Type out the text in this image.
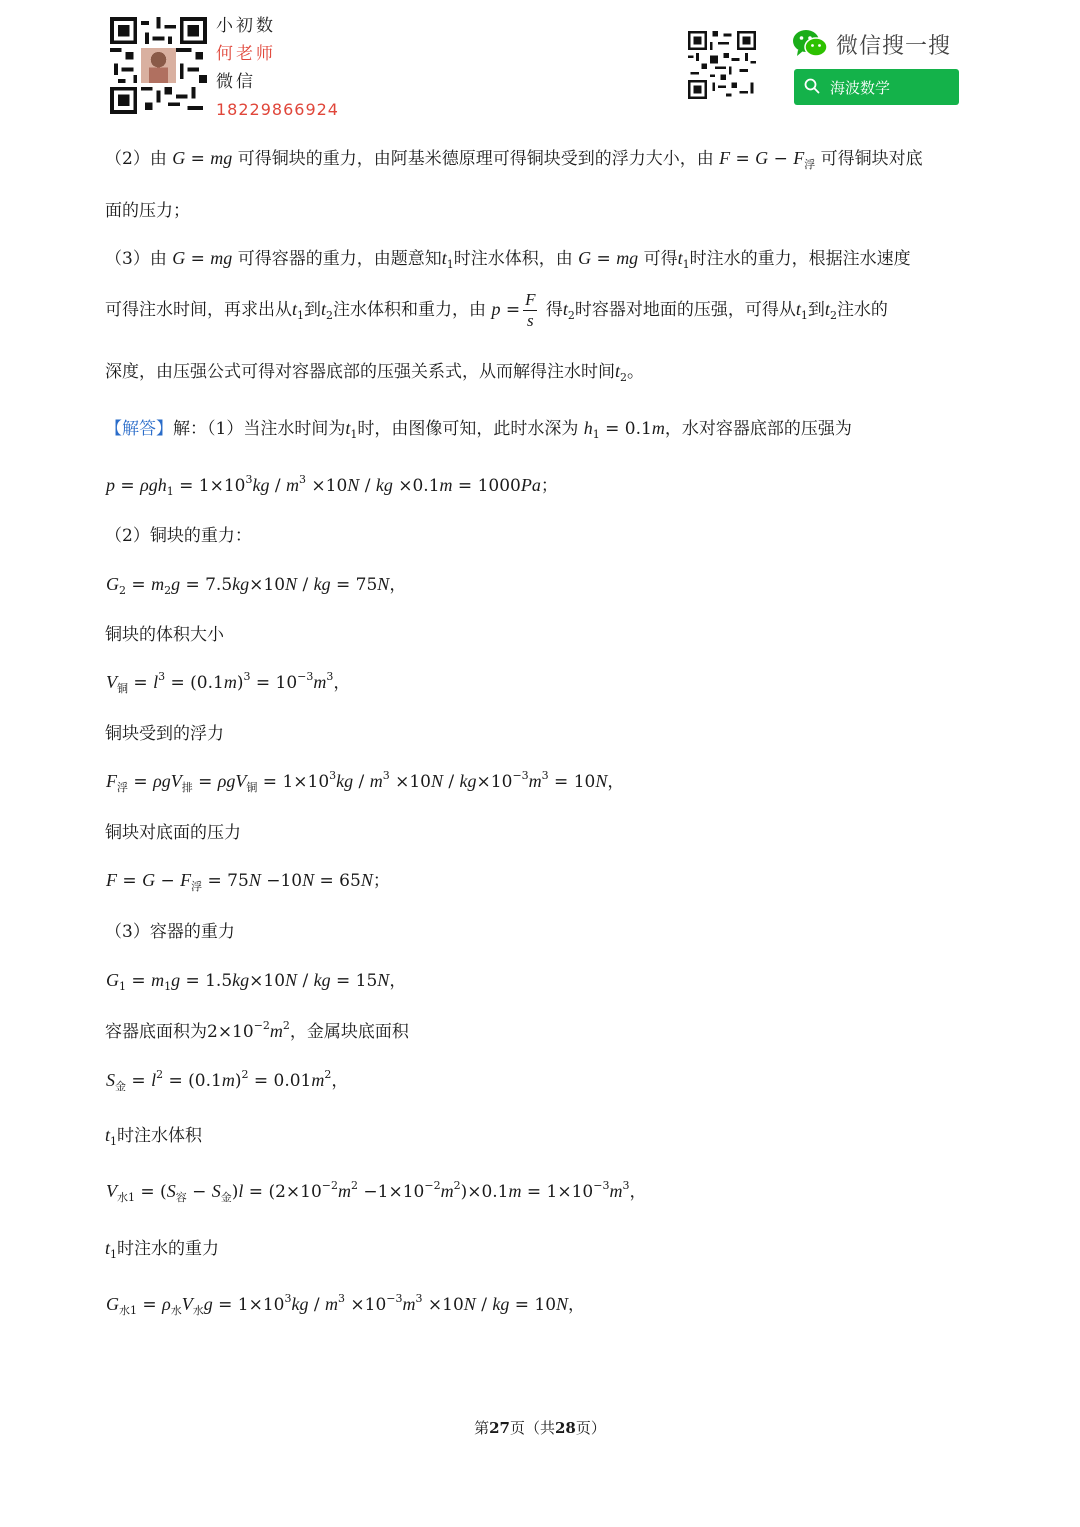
小初数
何老师
微信
18229866924
微信搜一搜
海波数学
（2）由 G = mg 可得铜块的重力，由阿基米德原理可得铜块受到的浮力大小，由 $F = G - F_浮$ 可得铜块对底
面的压力；
（3）由 G = mg 可得容器的重力，由题意知$t_1$时注水体积，由 G = mg 可得$t_1$时注水的重力，根据注水速度
可得注水时间，再求出从$t_1$到$t_2$注水体积和重力，由 $p = \frac{F}{s}$ 得$t_2$时容器对地面的压强，可得从$t_1$到$t_2$注水的
深度，由压强公式可得对容器底部的压强关系式，从而解得注水时间$t_2$。
【解答】解：（1）当注水时间为$t_1$时，由图像可知，此时水深为 $h_1 = 0.1m$，水对容器底部的压强为
$p = \rho gh_1 = 1\times 10^3kg / m^3 \times 10N$ / kg ×0.1m = 1000Pa；
（2）铜块的重力：
$G_2 = m_2g = 7.5kg\times 10N$ / kg = 75N，
铜块的体积大小
$V_铜 = l^3 = (0.1m)^3 = 10^{-3}m^3$，
铜块受到的浮力
$F_浮 = \rho gV_排 = \rho gV_铜 = 1\times 10^3kg / m^3 \times 10N / kg\times 10^{-3}m^3 = 10N$，
铜块对底面的压力
$F = G - F_浮 = 75N -10N = 65N$；
（3）容器的重力
$G_1 = m_1g = 1.5kg\times 10N$ / kg = 15N，
容器底面积为$2\times 10^{-2}m^2$，金属块底面积
$S_金 = l^2 = (0.1m)^2 = 0.01m^2$，
$t_1$时注水体积
$V_{水1} = (S_容 - S_金)l = (2\times 10^{-2}m^2 -1\times 10^{-2}m^2)\times 0.1m = 1\times 10^{-3}m^3$，
$t_1$时注水的重力
$G_{水1} = \rho_水V_水g = 1\times 10^3kg / m^3 \times 10^{-3}m^3 \times 10N$ / kg = 10N，
第27页（共28页）
